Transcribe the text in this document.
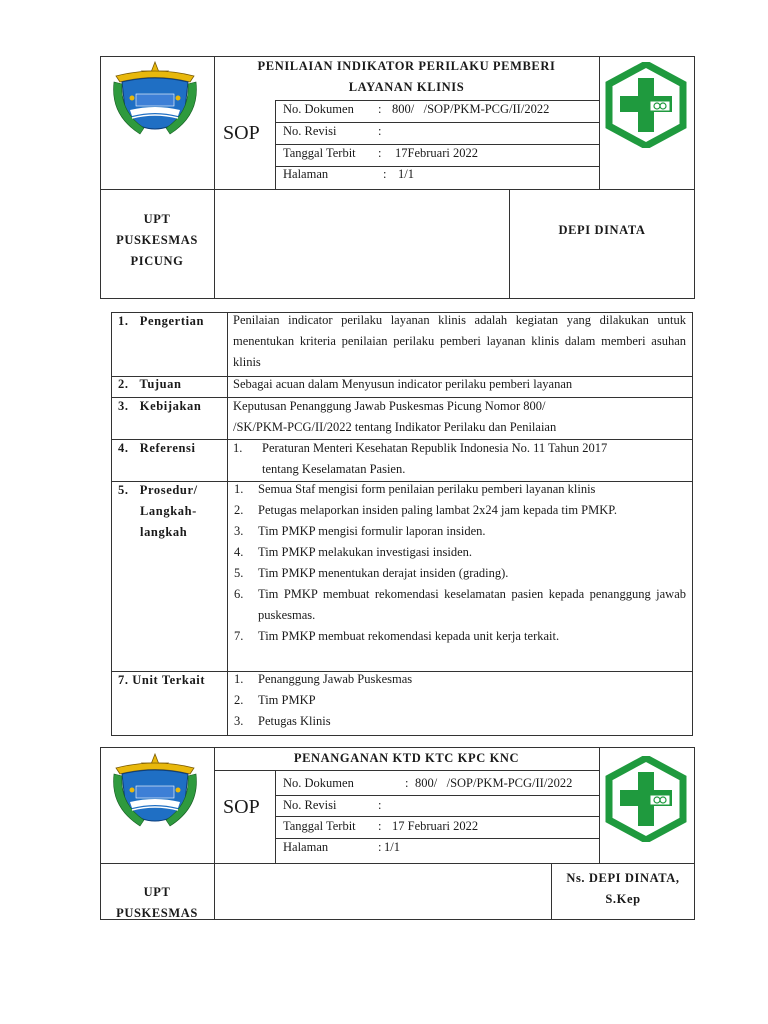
PENILAIAN INDIKATOR PERILAKU PEMBERI
LAYANAN KLINIS
SOP
No. Dokumen : 800/   /SOP/PKM-PCG/II/2022
No. Revisi	:
Tanggal Terbit : 17Februari 2022
Halaman	: 1/1
UPT
PUSKESMAS
PICUNG
DEPI DINATA
1.   Pengertian Penilaian indicator perilaku layanan klinis adalah kegiatan yang dilakukan untuk menentukan kriteria penilaian perilaku pemberi layanan klinis dalam memberi asuhan klinis
2.   Tujuan	Sebagai acuan dalam Menyusun indicator perilaku pemberi layanan
3.   Kebijakan	Keputusan Penanggung Jawab Puskesmas Picung Nomor 800/
/SK/PKM-PCG/II/2022 tentang Indikator Perilaku dan Penilaian
4.   Referensi	1. Peraturan Menteri Kesehatan Republik Indonesia No. 11 Tahun 2017
tentang Keselamatan Pasien.
5.   Prosedur/
Langkah-
langkah
1. Semua Staf mengisi form penilaian perilaku pemberi layanan klinis
2. Petugas melaporkan insiden paling lambat 2x24 jam kepada tim PMKP.
3. Tim PMKP mengisi formulir laporan insiden.
4. Tim PMKP melakukan investigasi insiden.
5. Tim PMKP menentukan derajat insiden (grading).
6. Tim PMKP membuat rekomendasi keselamatan pasien kepada penanggung jawab puskesmas.
7. Tim PMKP membuat rekomendasi kepada unit kerja terkait.
7. Unit Terkait 1. Penanggung Jawab Puskesmas
2. Tim PMKP
3. Petugas Klinis
PENANGANAN KTD KTC KPC KNC
SOP
No. Dokumen	: 800/   /SOP/PKM-PCG/II/2022
No. Revisi	:
Tanggal Terbit : 17 Februari 2022
Halaman	: 1/1
UPT
PUSKESMAS
Ns. DEPI DINATA,
S.Kep
